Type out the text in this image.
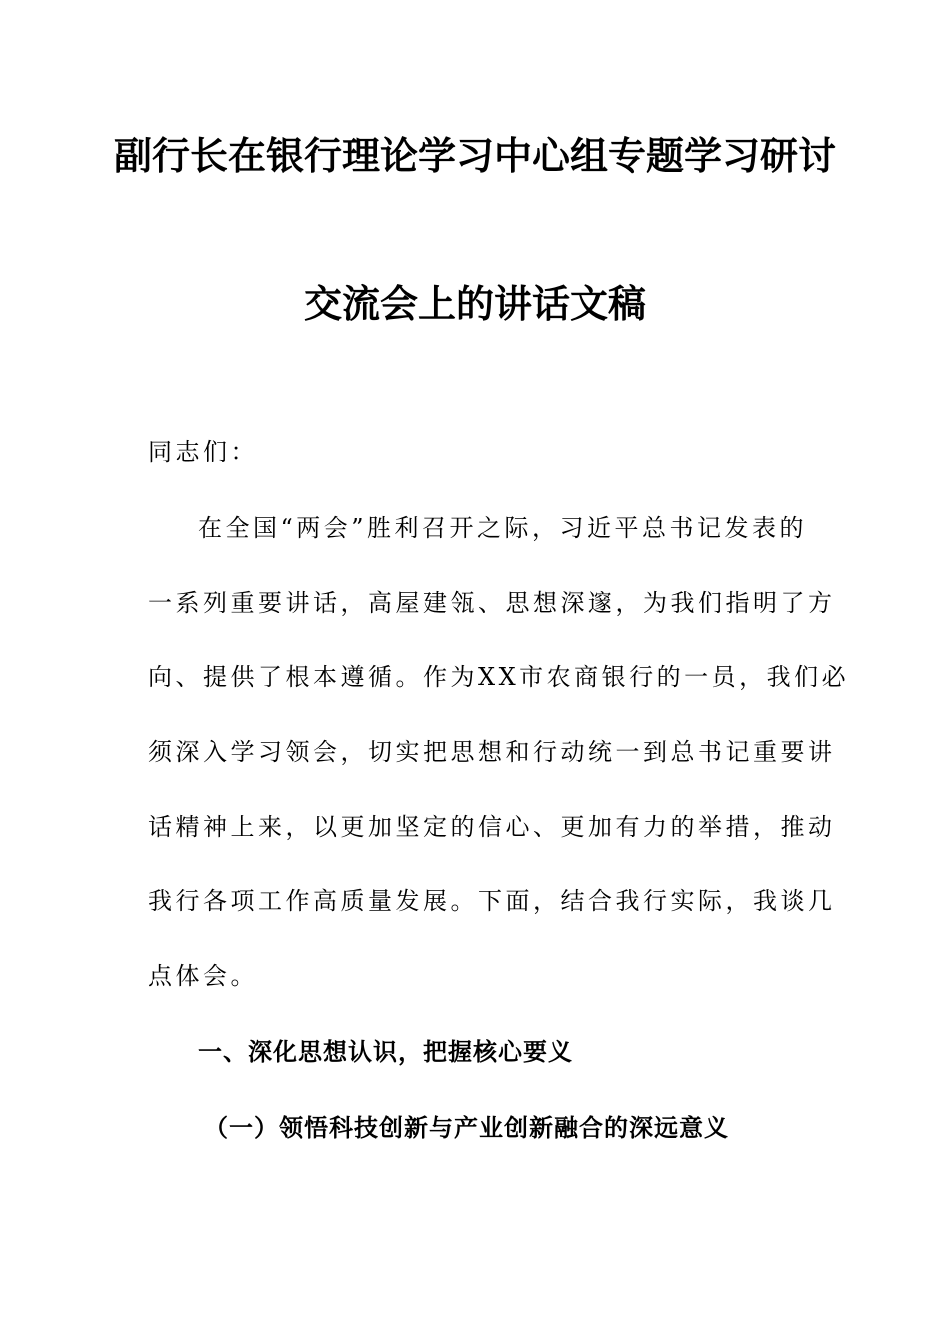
副行长在银行理论学习中心组专题学习研讨
交流会上的讲话文稿
同志们：
在全国“两会”胜利召开之际，习近平总书记发表的
一系列重要讲话，高屋建瓴、思想深邃，为我们指明了方
向、提供了根本遵循。作为XX市农商银行的一员，我们必
须深入学习领会，切实把思想和行动统一到总书记重要讲
话精神上来，以更加坚定的信心、更加有力的举措，推动
我行各项工作高质量发展。下面，结合我行实际，我谈几
点体会。
一、深化思想认识，把握核心要义
（一）领悟科技创新与产业创新融合的深远意义
